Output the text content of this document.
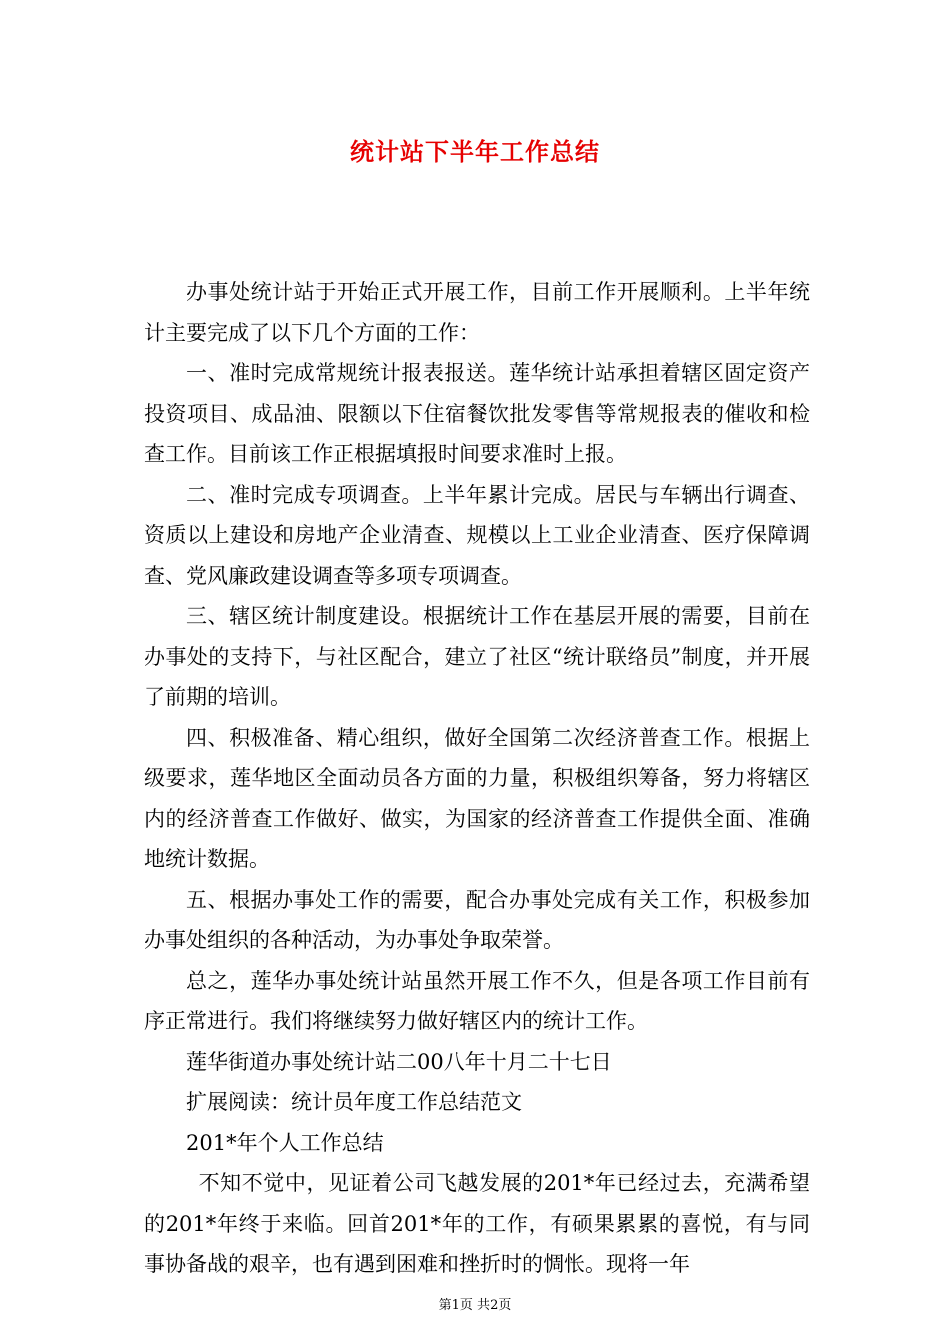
统计站下半年工作总结

办事处统计站于开始正式开展工作，目前工作开展顺利。上半年统计主要完成了以下几个方面的工作：

一、准时完成常规统计报表报送。莲华统计站承担着辖区固定资产投资项目、成品油、限额以下住宿餐饮批发零售等常规报表的催收和检查工作。目前该工作正根据填报时间要求准时上报。

二、准时完成专项调查。上半年累计完成。居民与车辆出行调查、资质以上建设和房地产企业清查、规模以上工业企业清查、医疗保障调查、党风廉政建设调查等多项专项调查。

三、辖区统计制度建设。根据统计工作在基层开展的需要，目前在办事处的支持下，与社区配合，建立了社区“统计联络员”制度，并开展了前期的培训。

四、积极准备、精心组织，做好全国第二次经济普查工作。根据上级要求，莲华地区全面动员各方面的力量，积极组织筹备，努力将辖区内的经济普查工作做好、做实，为国家的经济普查工作提供全面、准确地统计数据。

五、根据办事处工作的需要，配合办事处完成有关工作，积极参加办事处组织的各种活动，为办事处争取荣誉。

总之，莲华办事处统计站虽然开展工作不久，但是各项工作目前有序正常进行。我们将继续努力做好辖区内的统计工作。

莲华街道办事处统计站二00八年十月二十七日

扩展阅读：统计员年度工作总结范文

201*年个人工作总结

不知不觉中，见证着公司飞越发展的201*年已经过去，充满希望的201*年终于来临。回首201*年的工作，有硕果累累的喜悦，有与同事协备战的艰辛，也有遇到困难和挫折时的惆怅。现将一年

第1页 共2页
